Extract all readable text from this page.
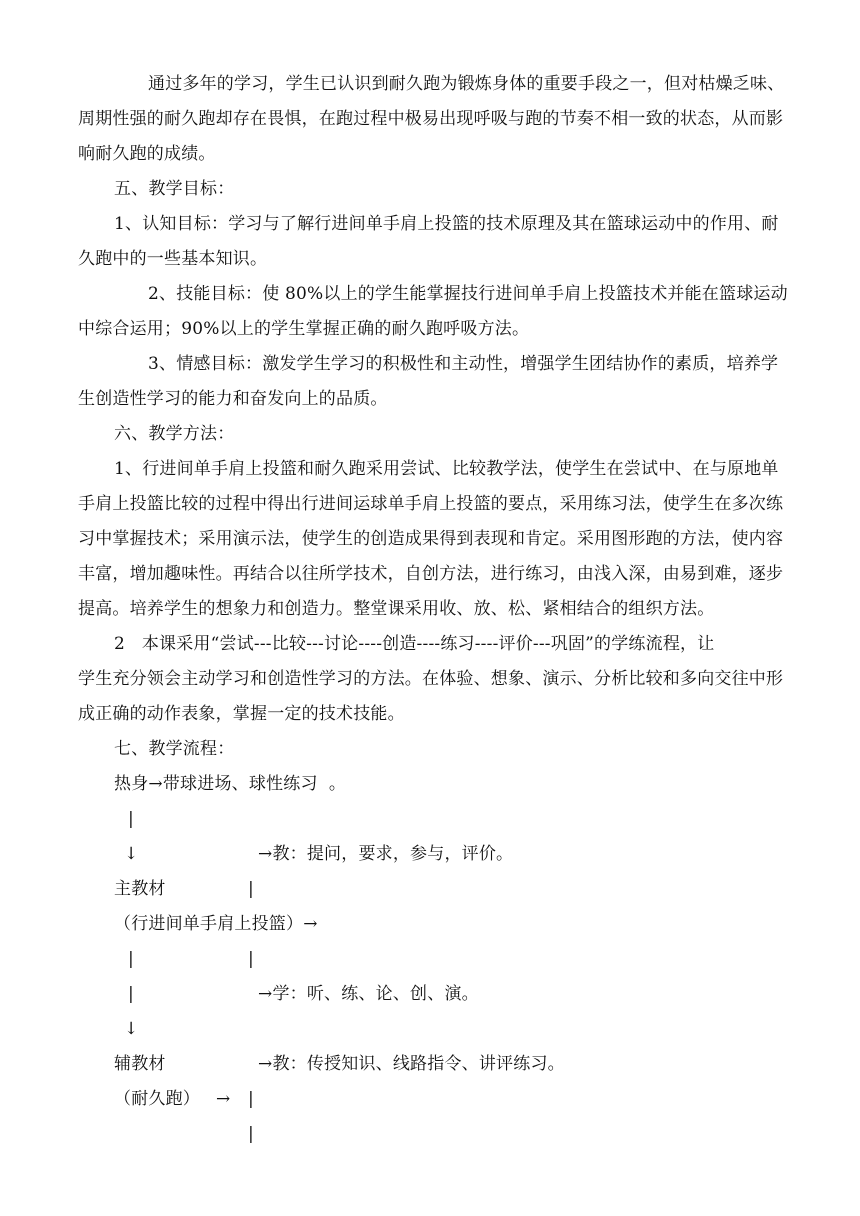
通过多年的学习，学生已认识到耐久跑为锻炼身体的重要手段之一，但对枯燥乏味、
周期性强的耐久跑却存在畏惧，在跑过程中极易出现呼吸与跑的节奏不相一致的状态，从而影
响耐久跑的成绩。
五、教学目标：
1、认知目标：学习与了解行进间单手肩上投篮的技术原理及其在篮球运动中的作用、耐
久跑中的一些基本知识。
2、技能目标：使 80%以上的学生能掌握技行进间单手肩上投篮技术并能在篮球运动
中综合运用；90%以上的学生掌握正确的耐久跑呼吸方法。
3、情感目标：激发学生学习的积极性和主动性，增强学生团结协作的素质，培养学
生创造性学习的能力和奋发向上的品质。
六、教学方法：
1、行进间单手肩上投篮和耐久跑采用尝试、比较教学法，使学生在尝试中、在与原地单
手肩上投篮比较的过程中得出行进间运球单手肩上投篮的要点，采用练习法，使学生在多次练
习中掌握技术；采用演示法，使学生的创造成果得到表现和肯定。采用图形跑的方法，使内容
丰富，增加趣味性。再结合以往所学技术，自创方法，进行练习，由浅入深，由易到难，逐步
提高。培养学生的想象力和创造力。整堂课采用收、放、松、紧相结合的组织方法。
2   本课采用“尝试---比较---讨论----创造----练习----评价---巩固”的学练流程，让
学生充分领会主动学习和创造性学习的方法。在体验、想象、演示、分析比较和多向交往中形
成正确的动作表象，掌握一定的技术技能。
七、教学流程：
热身→带球进场、球性练习  。
|
↓	→教：提问，要求，参与，评价。
主教材	|
（行进间单手肩上投篮）→
|	|
|	→学：听、练、论、创、演。
↓
辅教材	→教：传授知识、线路指令、讲评练习。
（耐久跑） → |
|
